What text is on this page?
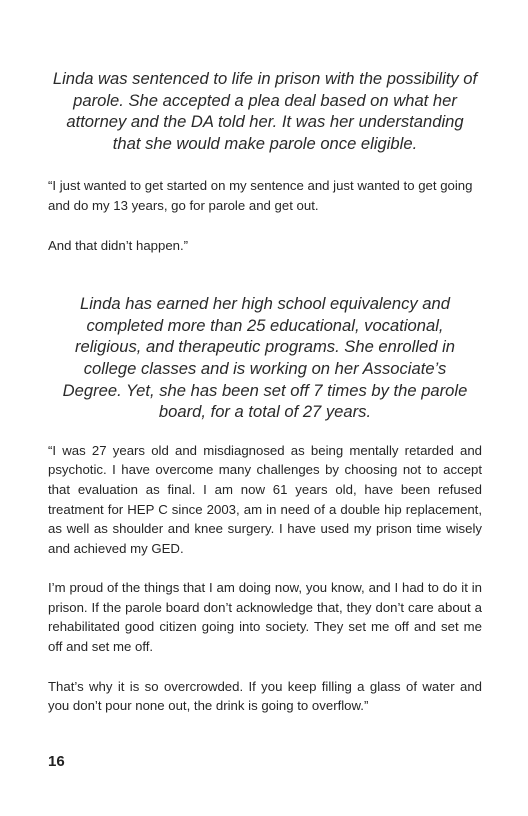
Linda was sentenced to life in prison with the possibility of parole. She accepted a plea deal based on what her attorney and the DA told her. It was her understanding that she would make parole once eligible.

“I just wanted to get started on my sentence and just wanted to get going and do my 13 years, go for parole and get out.

And that didn’t happen.”

Linda has earned her high school equivalency and completed more than 25 educational, vocational, religious, and therapeutic programs. She enrolled in college classes and is working on her Associate’s Degree. Yet, she has been set off 7 times by the parole board, for a total of 27 years.

“I was 27 years old and misdiagnosed as being mentally retarded and psychotic. I have overcome many challenges by choosing not to accept that evaluation as final. I am now 61 years old, have been refused treatment for HEP C since 2003, am in need of a double hip replacement, as well as shoulder and knee surgery. I have used my prison time wisely and achieved my GED.

I’m proud of the things that I am doing now, you know, and I had to do it in prison. If the parole board don’t acknowledge that, they don’t care about a rehabilitated good citizen going into society. They set me off and set me off and set me off.

That’s why it is so overcrowded. If you keep filling a glass of water and you don’t pour none out, the drink is going to overflow.”

16
